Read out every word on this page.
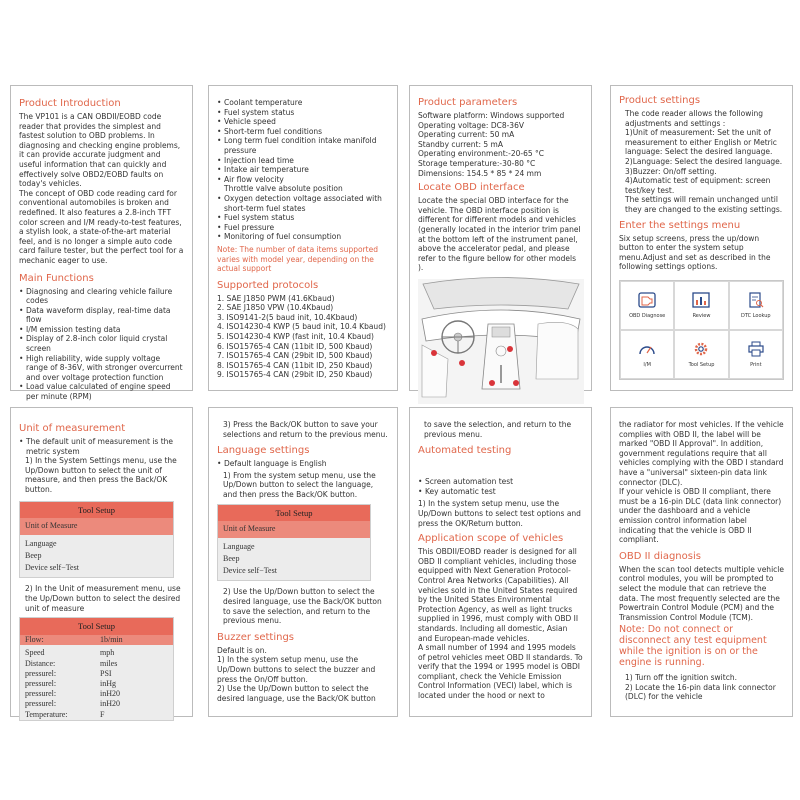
Product Introduction

The VP101 is a CAN OBDII/EOBD code reader that provides the simplest and fastest solution to OBD problems. In diagnosing and checking engine problems, it can provide accurate judgment and useful information that can quickly and effectively solve OBD2/EOBD faults on today's vehicles.

The concept of OBD code reading card for conventional automobiles is broken and redefined. It also features a 2.8-inch TFT color screen and I/M ready-to-test features, a stylish look, a state-of-the-art material feel, and is no longer a simple auto code card failure tester, but the perfect tool for a mechanic eager to use.

Main Functions
• Diagnosing and clearing vehicle failure codes
• Data waveform display, real-time data flow
• I/M emission testing data
• Display of 2.8-inch color liquid crystal screen
• High reliability, wide supply voltage range of 8-36V, with stronger overcurrent and over voltage protection function
• Load value calculated of engine speed per minute (RPM)
• Coolant temperature
• Fuel system status
• Vehicle speed
• Short-term fuel conditions
• Long term fuel condition intake manifold pressure
• Injection lead time
• Intake air temperature
• Air flow velocity

Throttle valve absolute position

• Oxygen detection voltage associated with short-term fuel states
• Fuel system status
• Fuel pressure
• Monitoring of fuel consumption

Note: The number of data items supported varies with model year, depending on the actual support

Supported protocols
1. SAE J1850 PWM (41.6Kbaud)
2. SAE J1850 VPW (10.4Kbaud)
3. ISO9141-2(5 baud init, 10.4Kbaud)
4. ISO14230-4 KWP (5 baud init, 10.4 Kbaud)
5. ISO14230-4 KWP (fast init, 10.4 Kbaud)
6. ISO15765-4 CAN (11bit ID, 500 Kbaud)
7. ISO15765-4 CAN (29bit ID, 500 Kbaud)
8. ISO15765-4 CAN (11bit ID, 250 Kbaud)
9. ISO15765-4 CAN (29bit ID, 250 Kbaud)
Product parameters

Software platform: Windows supported

Operating voltage: DC8-36V

Operating current: 50 mA

Standby current: 5 mA

Operating environment:-20-65 °C

Storage temperature:-30-80 °C

Dimensions: 154.5 * 85 * 24 mm

Locate OBD interface

Locate the special OBD interface for the vehicle. The OBD interface position is different for different models and vehicles (generally located in the interior trim panel at the bottom left of the instrument panel, above the accelerator pedal, and please refer to the figure bellow for other models ).

Product settings

The code reader allows the following adjustments and settings :

1)Unit of measurement: Set the unit of measurement to either English or Metric

language: Select the desired language.

2)Language: Select the desired language.

3)Buzzer: On/off setting.

4)Automatic test of equipment: screen test/key test.

The settings will remain unchanged until they are changed to the existing settings.

Enter the settings menu

Six setup screens, press the up/down button to enter the system setup menu.Adjust and set as described in the following settings options.

OBD Diagnose	Review	DTC Lookup
I/M	Tool Setup	Print
Unit of measurement
• The default unit of measurement is the metric system

1) In the System Settings menu, use the Up/Down button to select the unit of measure, and then press the Back/OK button.

Tool Setup
Unit of Measure
Language
Beep
Device self−Test

2) In the Unit of measurement menu, use the Up/Down button to select the desired unit of measure

Tool Setup
Flow:	1b/min
Speed	mph
Distance:	miles
pressurel:	PSI
pressurel:	inHg
pressurel:	inH20
pressurel:	inH20
Temperature:	F

3) Press the Back/OK button to save your selections and return to the previous menu.

Language settings
• Default language is English

1) From the system setup menu, use the Up/Down button to select the language, and then press the Back/OK button.

Tool Setup
Unit of Measure
Language
Beep
Device self−Test

2) Use the Up/Down button to select the desired language, use the Back/OK button to save the selection, and return to the previous menu.

Buzzer settings

Default is on.

1) In the system setup menu, use the Up/Down buttons to select the buzzer and press the On/Off button.

2) Use the Up/Down button to select the desired language, use the Back/OK button

to save the selection, and return to the previous menu.

Automated testing
• Screen automation test
• Key automatic test

1) In the system setup menu, use the Up/Down buttons to select test options and press the OK/Return button.

Application scope of vehicles

This OBDII/EOBD reader is designed for all OBD II compliant vehicles, including those equipped with Next Generation Protocol-Control Area Networks (Capabilities). All vehicles sold in the United States required by the United States Environmental Protection Agency, as well as light trucks supplied in 1996, must comply with OBD II standards. Including all domestic, Asian and European-made vehicles.

A small number of 1994 and 1995 models of petrol vehicles meet OBD II standards. To verify that the 1994 or 1995 model is OBDI compliant, check the Vehicle Emission Control Information (VECI) label, which is located under the hood or next to

the radiator for most vehicles. If the vehicle complies with OBD II, the label will be marked "OBD II Approval". In addition, government regulations require that all vehicles complying with the OBD I standard have a "universal" sixteen-pin data link connector (DLC).

If your vehicle is OBD II compliant, there must be a 16-pin DLC (data link connector) under the dashboard and a vehicle emission control information label indicating that the vehicle is OBD II compliant.

OBD II diagnosis

When the scan tool detects multiple vehicle control modules, you will be prompted to select the module that can retrieve the data. The most frequently selected are the Powertrain Control Module (PCM) and the Transmission Control Module (TCM).

Note: Do not connect or disconnect any test equipment while the ignition is on or the engine is running.

1) Turn off the ignition switch.

2) Locate the 16-pin data link connector (DLC) for the vehicle
